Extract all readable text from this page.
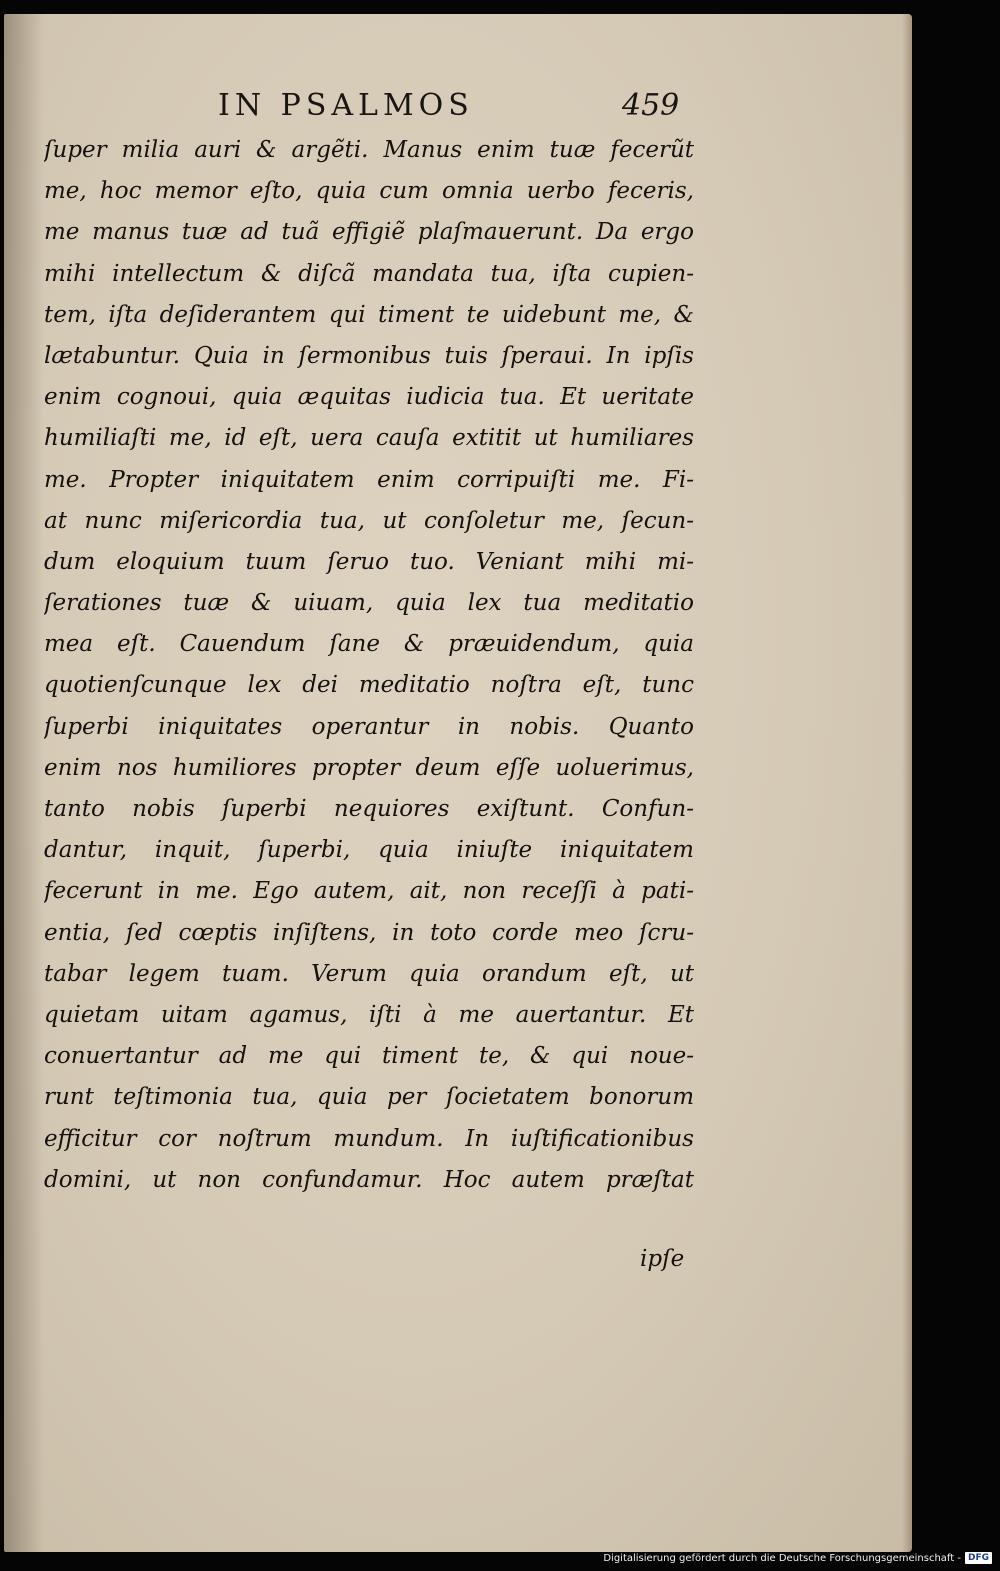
IN PSALMOS	459
ſuper milia auri & argẽti. Manus enim tuæ fecerũt
me, hoc memor eſto, quia cum omnia uerbo feceris,
me manus tuæ ad tuã effigiẽ plaſmauerunt. Da ergo
mihi intellectum & diſcã mandata tua, iſta cupien-
tem, iſta deſiderantem qui timent te uidebunt me, &
lætabuntur. Quia in ſermonibus tuis ſperaui. In ipſis
enim cognoui, quia æquitas iudicia tua. Et ueritate
humiliaſti me, id eſt, uera cauſa extitit ut humiliares
me. Propter iniquitatem enim corripuiſti me. Fi-
at nunc miſericordia tua, ut conſoletur me, ſecun-
dum eloquium tuum ſeruo tuo. Veniant mihi mi-
ſerationes tuæ & uiuam, quia lex tua meditatio
mea eſt. Cauendum ſane & præuidendum, quia
quotienſcunque lex dei meditatio noſtra eſt, tunc
ſuperbi iniquitates operantur in nobis. Quanto
enim nos humiliores propter deum eſſe uoluerimus,
tanto nobis ſuperbi nequiores exiſtunt. Confun-
dantur, inquit, ſuperbi, quia iniuſte iniquitatem
fecerunt in me. Ego autem, ait, non receſſi à pati-
entia, ſed cœptis inſiſtens, in toto corde meo ſcru-
tabar legem tuam. Verum quia orandum eſt, ut
quietam uitam agamus, iſti à me auertantur. Et
conuertantur ad me qui timent te, & qui noue-
runt teſtimonia tua, quia per ſocietatem bonorum
efficitur cor noſtrum mundum. In iuſtificationibus
domini, ut non confundamur. Hoc autem præſtat
ipſe
Digitalisierung gefördert durch die Deutsche Forschungsgemeinschaft - DFG
